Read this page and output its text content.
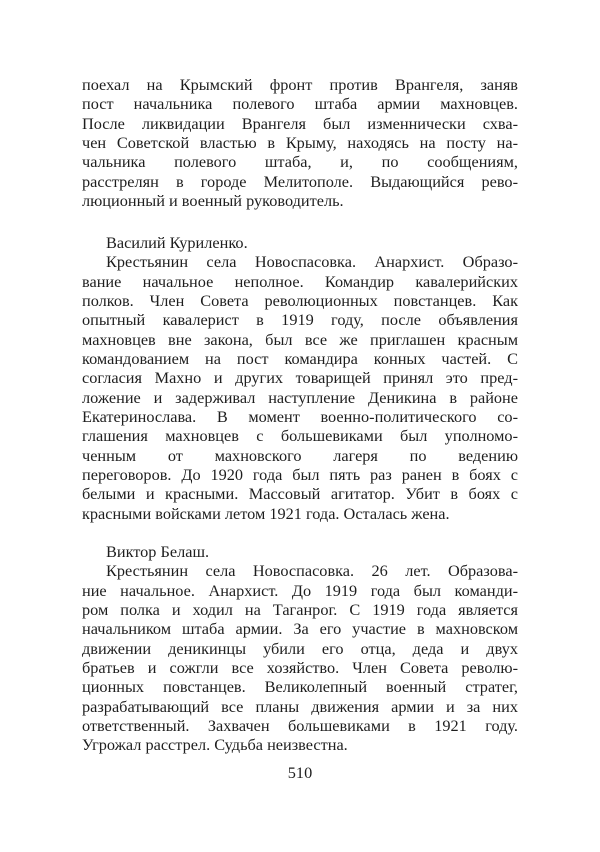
поехал на Крымский фронт против Врангеля, заняв
пост начальника полевого штаба армии махновцев.
После ликвидации Врангеля был изменнически схва-
чен Советской властью в Крыму, находясь на посту на-
чальника полевого штаба, и, по сообщениям,
расстрелян в городе Мелитополе. Выдающийся рево-
люционный и военный руководитель.
Василий Куриленко.
Крестьянин села Новоспасовка. Анархист. Образо-
вание начальное неполное. Командир кавалерийских
полков. Член Совета революционных повстанцев. Как
опытный кавалерист в 1919 году, после объявления
махновцев вне закона, был все же приглашен красным
командованием на пост командира конных частей. С
согласия Махно и других товарищей принял это пред-
ложение и задерживал наступление Деникина в районе
Екатеринослава. В момент военно-политического со-
глашения махновцев с большевиками был уполномо-
ченным от махновского лагеря по ведению
переговоров. До 1920 года был пять раз ранен в боях с
белыми и красными. Массовый агитатор. Убит в боях с
красными войсками летом 1921 года. Осталась жена.
Виктор Белаш.
Крестьянин села Новоспасовка. 26 лет. Образова-
ние начальное. Анархист. До 1919 года был команди-
ром полка и ходил на Таганрог. С 1919 года является
начальником штаба армии. За его участие в махновском
движении деникинцы убили его отца, деда и двух
братьев и сожгли все хозяйство. Член Совета револю-
ционных повстанцев. Великолепный военный стратег,
разрабатывающий все планы движения армии и за них
ответственный. Захвачен большевиками в 1921 году.
Угрожал расстрел. Судьба неизвестна.
510
